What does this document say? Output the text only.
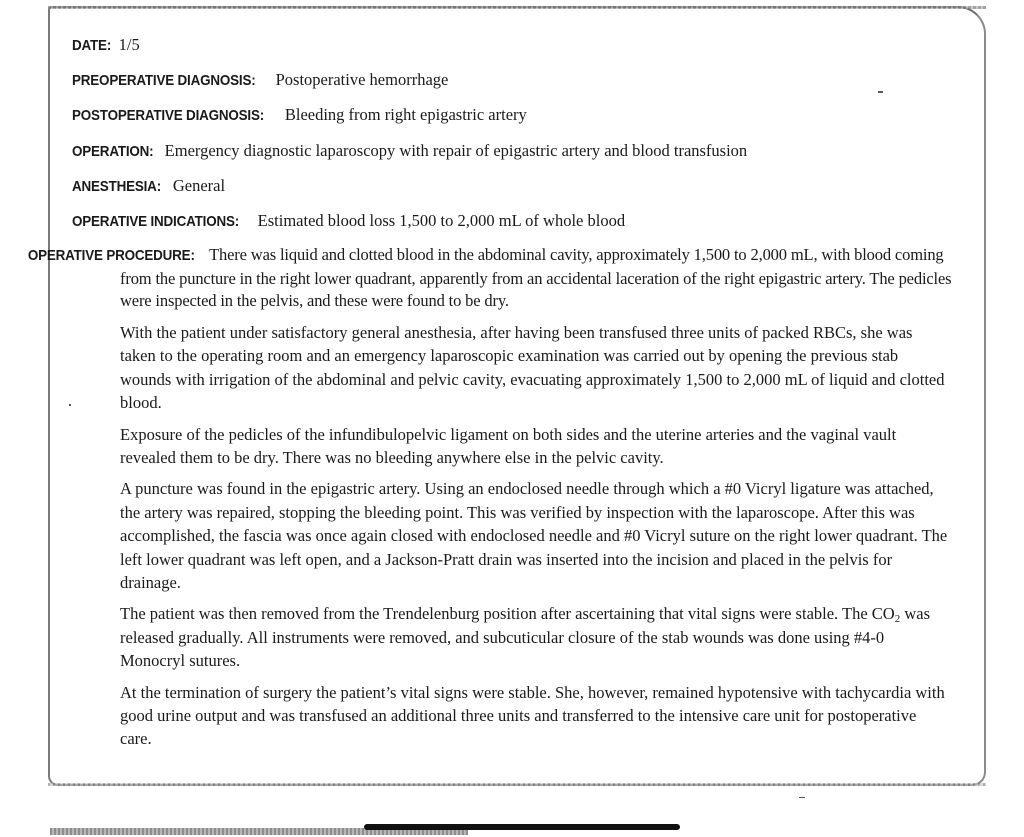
DATE: 1/5
PREOPERATIVE DIAGNOSIS: Postoperative hemorrhage
POSTOPERATIVE DIAGNOSIS: Bleeding from right epigastric artery
OPERATION: Emergency diagnostic laparoscopy with repair of epigastric artery and blood transfusion
ANESTHESIA: General
OPERATIVE INDICATIONS: Estimated blood loss 1,500 to 2,000 mL of whole blood

OPERATIVE PROCEDURE: There was liquid and clotted blood in the abdominal cavity, approximately 1,500 to 2,000 mL, with blood coming from the puncture in the right lower quadrant, apparently from an accidental laceration of the right epigastric artery. The pedicles were inspected in the pelvis, and these were found to be dry.

With the patient under satisfactory general anesthesia, after having been transfused three units of packed RBCs, she was taken to the operating room and an emergency laparoscopic examination was carried out by opening the previous stab wounds with irrigation of the abdominal and pelvic cavity, evacuating approximately 1,500 to 2,000 mL of liquid and clotted blood.

Exposure of the pedicles of the infundibulopelvic ligament on both sides and the uterine arteries and the vaginal vault revealed them to be dry. There was no bleeding anywhere else in the pelvic cavity.

A puncture was found in the epigastric artery. Using an endoclosed needle through which a #0 Vicryl ligature was attached, the artery was repaired, stopping the bleeding point. This was verified by inspection with the laparoscope. After this was accomplished, the fascia was once again closed with endoclosed needle and #0 Vicryl suture on the right lower quadrant. The left lower quadrant was left open, and a Jackson-Pratt drain was inserted into the incision and placed in the pelvis for drainage.

The patient was then removed from the Trendelenburg position after ascertaining that vital signs were stable. The $CO_2$ was released gradually. All instruments were removed, and subcuticular closure of the stab wounds was done using #4-0 Monocryl sutures.

At the termination of surgery the patient’s vital signs were stable. She, however, remained hypotensive with tachycardia with good urine output and was transfused an additional three units and transferred to the intensive care unit for postoperative care.
